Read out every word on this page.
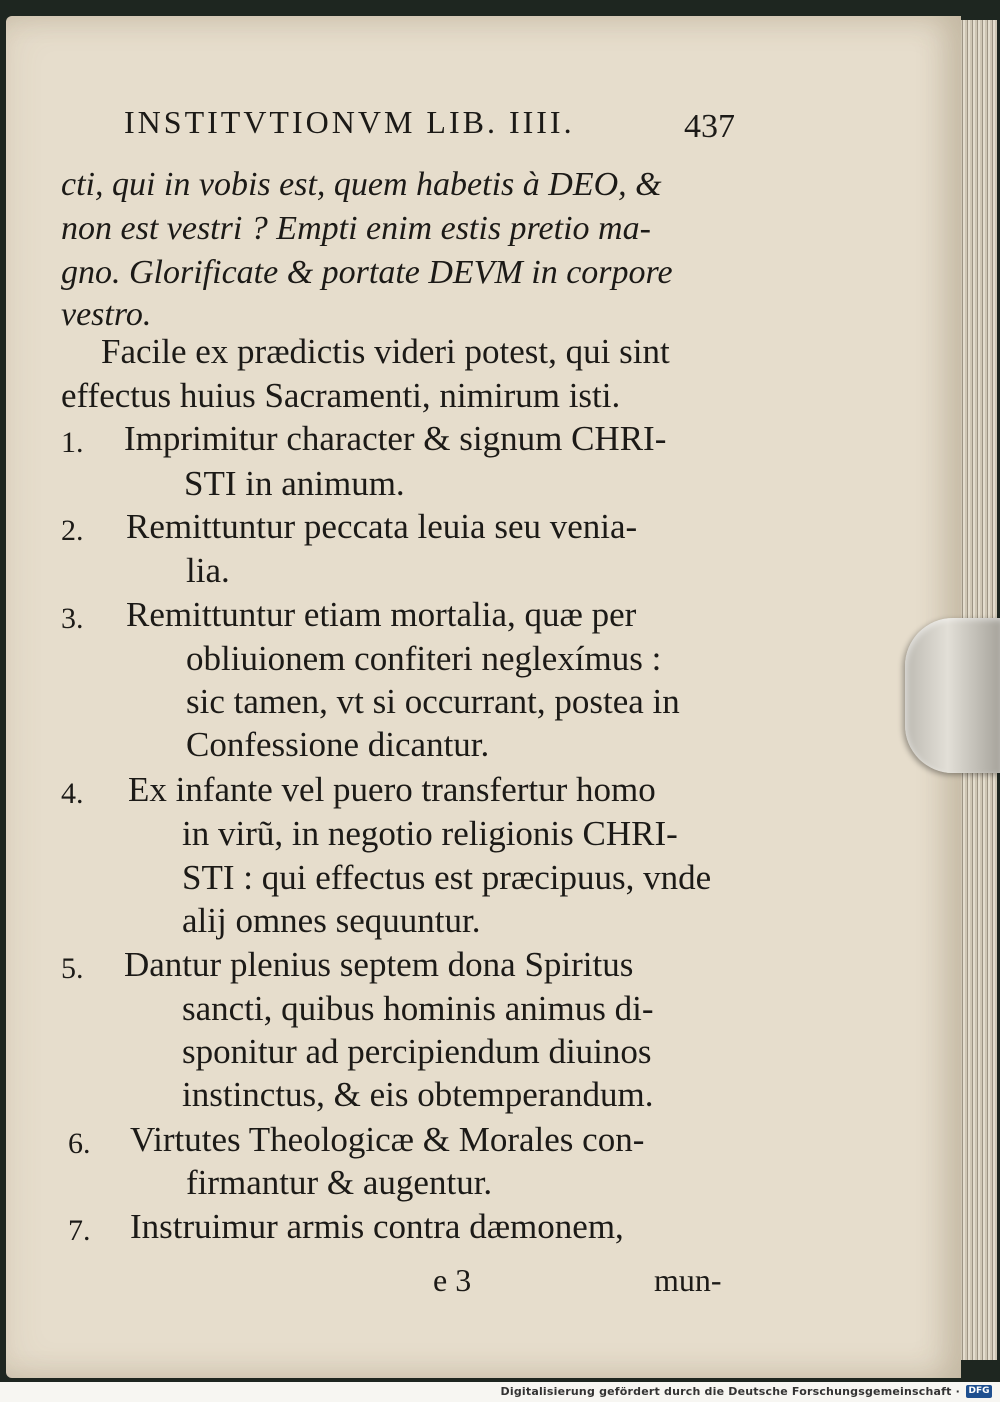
INSTITVTIONVM LIB. IIII.	437
cti, qui in vobis est, quem habetis à DEO, &
non est vestri ? Empti enim estis pretio ma-
gno. Glorificate & portate DEVM in corpore
vestro.
Facile ex prædictis videri potest, qui sint
effectus huius Sacramenti, nimirum isti.
1. Imprimitur character & signum CHRI-
STI in animum.
2. Remittuntur peccata leuia seu venia-
lia.
3. Remittuntur etiam mortalia, quæ per
obliuionem confiteri neglexímus :
sic tamen, vt si occurrant, postea in
Confessione dicantur.
4. Ex infante vel puero transfertur homo
in virũ, in negotio religionis CHRI-
STI : qui effectus est præcipuus, vnde
alij omnes sequuntur.
5. Dantur plenius septem dona Spiritus
sancti, quibus hominis animus di-
sponitur ad percipiendum diuinos
instinctus, & eis obtemperandum.
6. Virtutes Theologicæ & Morales con-
firmantur & augentur.
7. Instruimur armis contra dæmonem,
e 3	mun-
Digitalisierung gefördert durch die Deutsche Forschungsgemeinschaft · DFG
